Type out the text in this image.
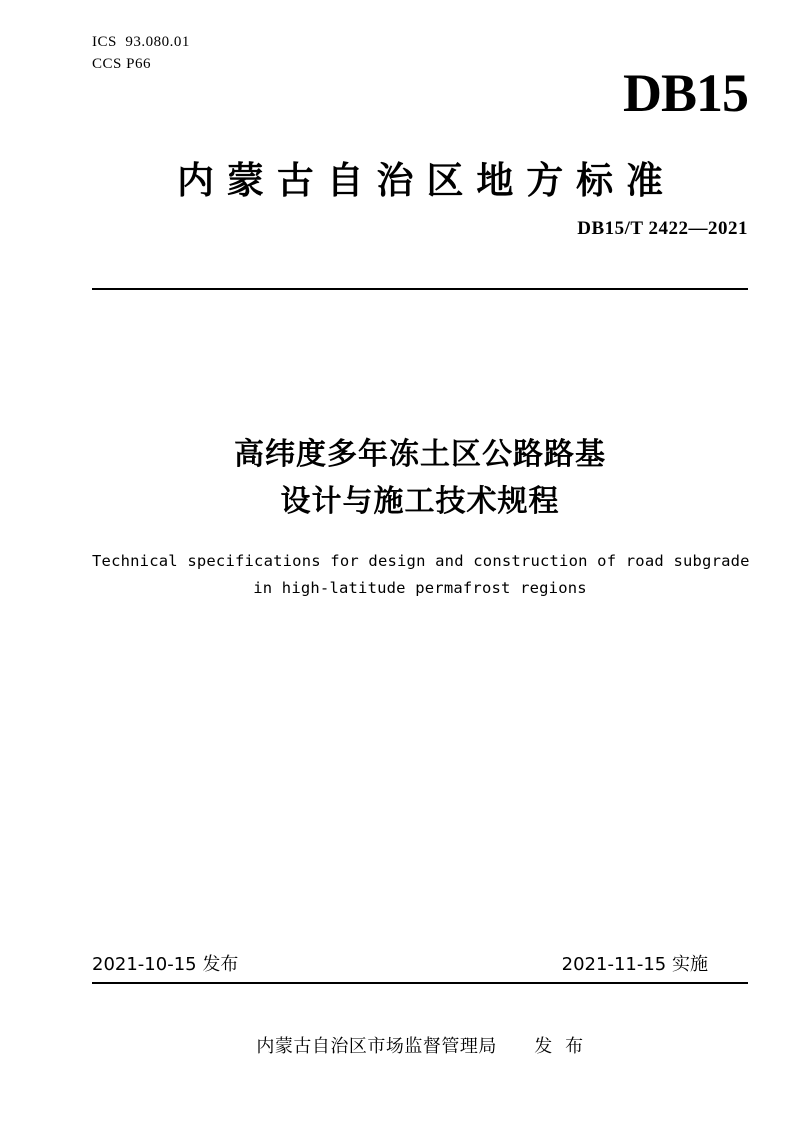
ICS  93.080.01
CCS P66	DB15
内 蒙 古 自 治 区 地 方 标 准
DB15/T 2422—2021
高纬度多年冻土区公路路基
设计与施工技术规程
Technical specifications for design and construction of road subgrade
in high-latitude permafrost regions
2021-10-15 发布	2021-11-15 实施
内蒙古自治区市场监督管理局      发  布
